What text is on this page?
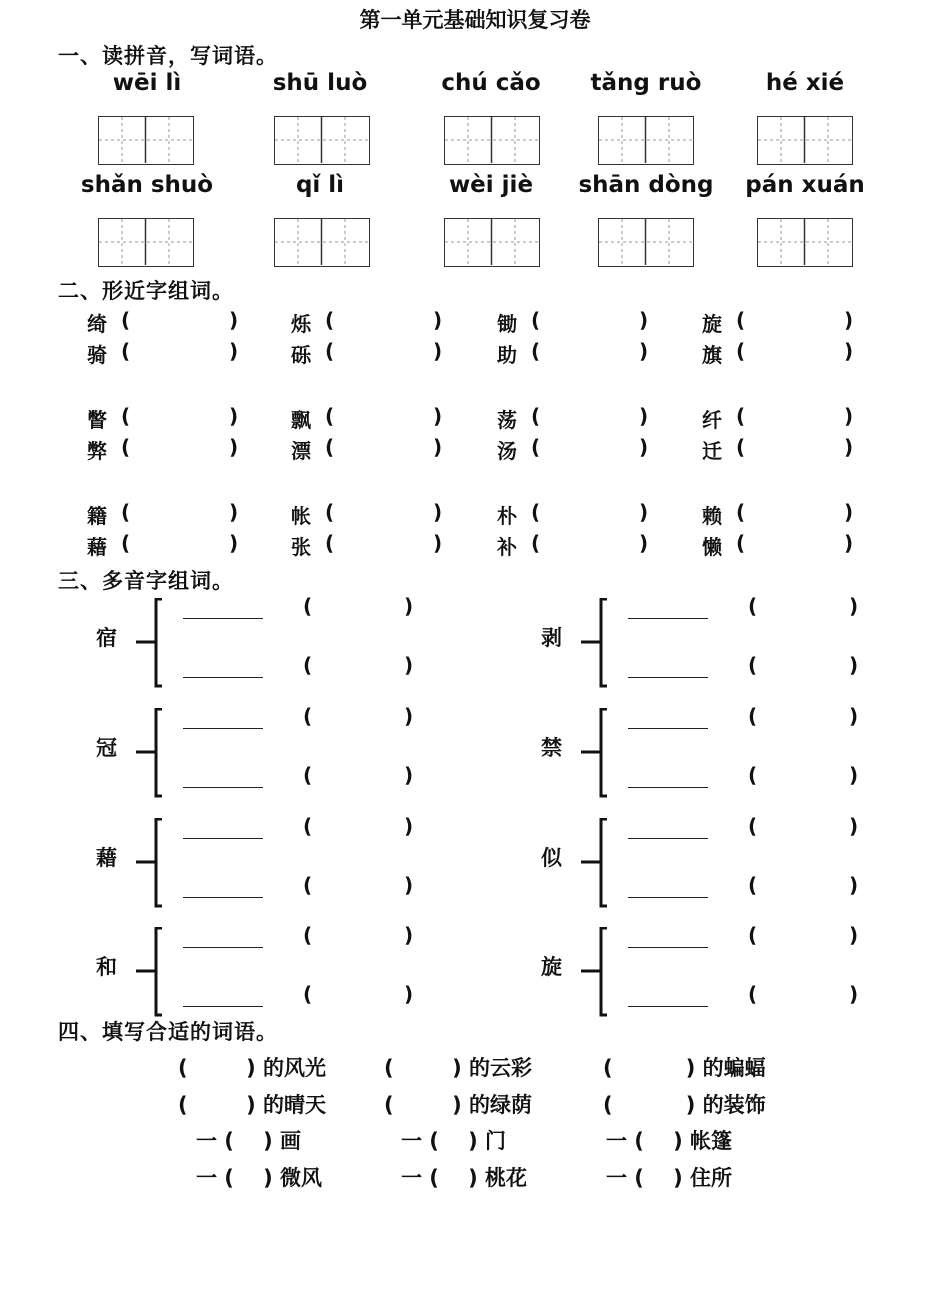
第一单元基础知识复习卷
一、读拼音，写词语。
wēi lì	shū luò	chú cǎo	tǎng ruò	hé xié
shǎn shuò	qǐ lì	wèi jiè	shān dòng	pán xuán
二、形近字组词。
绮 (	)
骑 (	)
烁 (	)
砾 (	)
锄 (	)
助 (	)
旋 (	)
旗 (	)
瞥 (	)
弊 (	)
飘 (	)
漂 (	)
荡 (	)
汤 (	)
纤 (	)
迁 (	)
籍 (	)
藉 (	)
帐 (	)
张 (	)
朴 (	)
补 (	)
赖 (	)
懒 (	)
三、多音字组词。
宿
(	)
(	)
剥
(	)
(	)
冠
(	)
(	)
禁
(	)
(	)
藉
(	)
(	)
似
(	)
(	)
和
(	)
(	)
旋
(	)
(	)
四、填写合适的词语。
(        ) 的风光	(        ) 的云彩	(          ) 的蝙蝠
(        ) 的晴天	(        ) 的绿荫	(          ) 的装饰
一 (    ) 画	一 (    ) 门	一 (    ) 帐篷
一 (    ) 微风	一 (    ) 桃花	一 (    ) 住所
